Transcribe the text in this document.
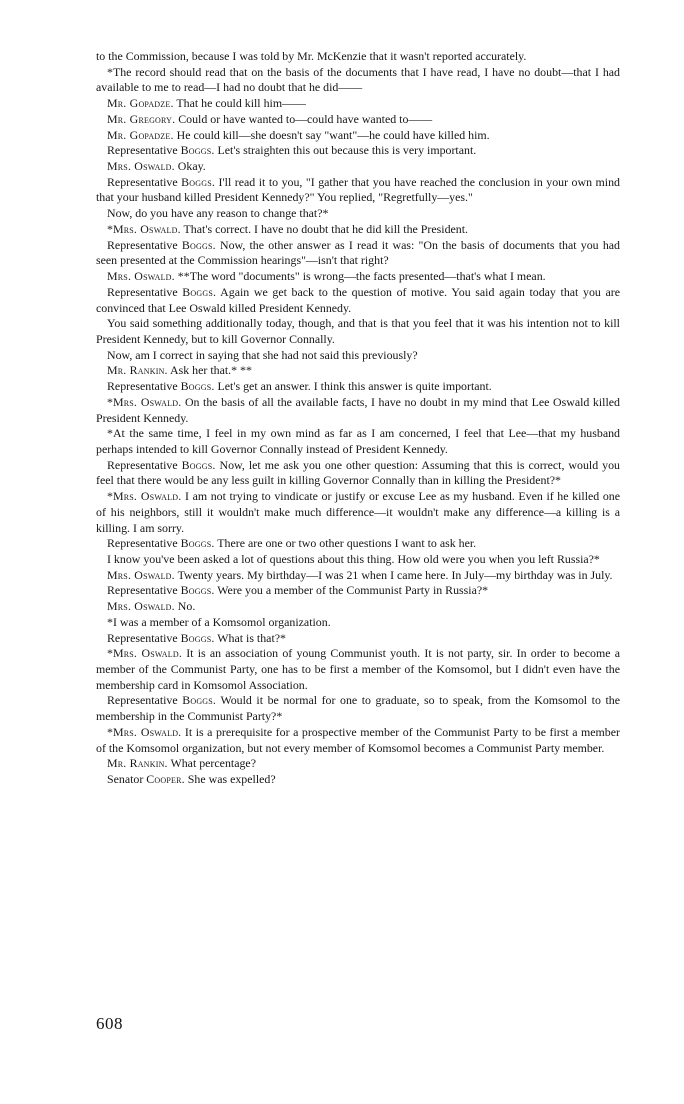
to the Commission, because I was told by Mr. McKenzie that it wasn't reported accurately.

*The record should read that on the basis of the documents that I have read, I have no doubt—that I had available to me to read—I had no doubt that he did——

Mr. Gopadze. That he could kill him——

Mr. Gregory. Could or have wanted to—could have wanted to——

Mr. Gopadze. He could kill—she doesn't say "want"—he could have killed him.

Representative Boggs. Let's straighten this out because this is very important.

Mrs. Oswald. Okay.

Representative Boggs. I'll read it to you, "I gather that you have reached the conclusion in your own mind that your husband killed President Kennedy?" You replied, "Regretfully—yes."

Now, do you have any reason to change that?*

*Mrs. Oswald. That's correct. I have no doubt that he did kill the President.

Representative Boggs. Now, the other answer as I read it was: "On the basis of documents that you had seen presented at the Commission hearings"—isn't that right?

Mrs. Oswald. **The word "documents" is wrong—the facts presented—that's what I mean.

Representative Boggs. Again we get back to the question of motive. You said again today that you are convinced that Lee Oswald killed President Kennedy.

You said something additionally today, though, and that is that you feel that it was his intention not to kill President Kennedy, but to kill Governor Connally.

Now, am I correct in saying that she had not said this previously?

Mr. Rankin. Ask her that.* **

Representative Boggs. Let's get an answer. I think this answer is quite important.

*Mrs. Oswald. On the basis of all the available facts, I have no doubt in my mind that Lee Oswald killed President Kennedy.

*At the same time, I feel in my own mind as far as I am concerned, I feel that Lee—that my husband perhaps intended to kill Governor Connally instead of President Kennedy.

Representative Boggs. Now, let me ask you one other question: Assuming that this is correct, would you feel that there would be any less guilt in killing Governor Connally than in killing the President?*

*Mrs. Oswald. I am not trying to vindicate or justify or excuse Lee as my husband. Even if he killed one of his neighbors, still it wouldn't make much difference—it wouldn't make any difference—a killing is a killing. I am sorry.

Representative Boggs. There are one or two other questions I want to ask her.

I know you've been asked a lot of questions about this thing. How old were you when you left Russia?*

Mrs. Oswald. Twenty years. My birthday—I was 21 when I came here. In July—my birthday was in July.

Representative Boggs. Were you a member of the Communist Party in Russia?*

Mrs. Oswald. No.

*I was a member of a Komsomol organization.

Representative Boggs. What is that?*

*Mrs. Oswald. It is an association of young Communist youth. It is not party, sir. In order to become a member of the Communist Party, one has to be first a member of the Komsomol, but I didn't even have the membership card in Komsomol Association.

Representative Boggs. Would it be normal for one to graduate, so to speak, from the Komsomol to the membership in the Communist Party?*

*Mrs. Oswald. It is a prerequisite for a prospective member of the Communist Party to be first a member of the Komsomol organization, but not every member of Komsomol becomes a Communist Party member.

Mr. Rankin. What percentage?

Senator Cooper. She was expelled?

608
